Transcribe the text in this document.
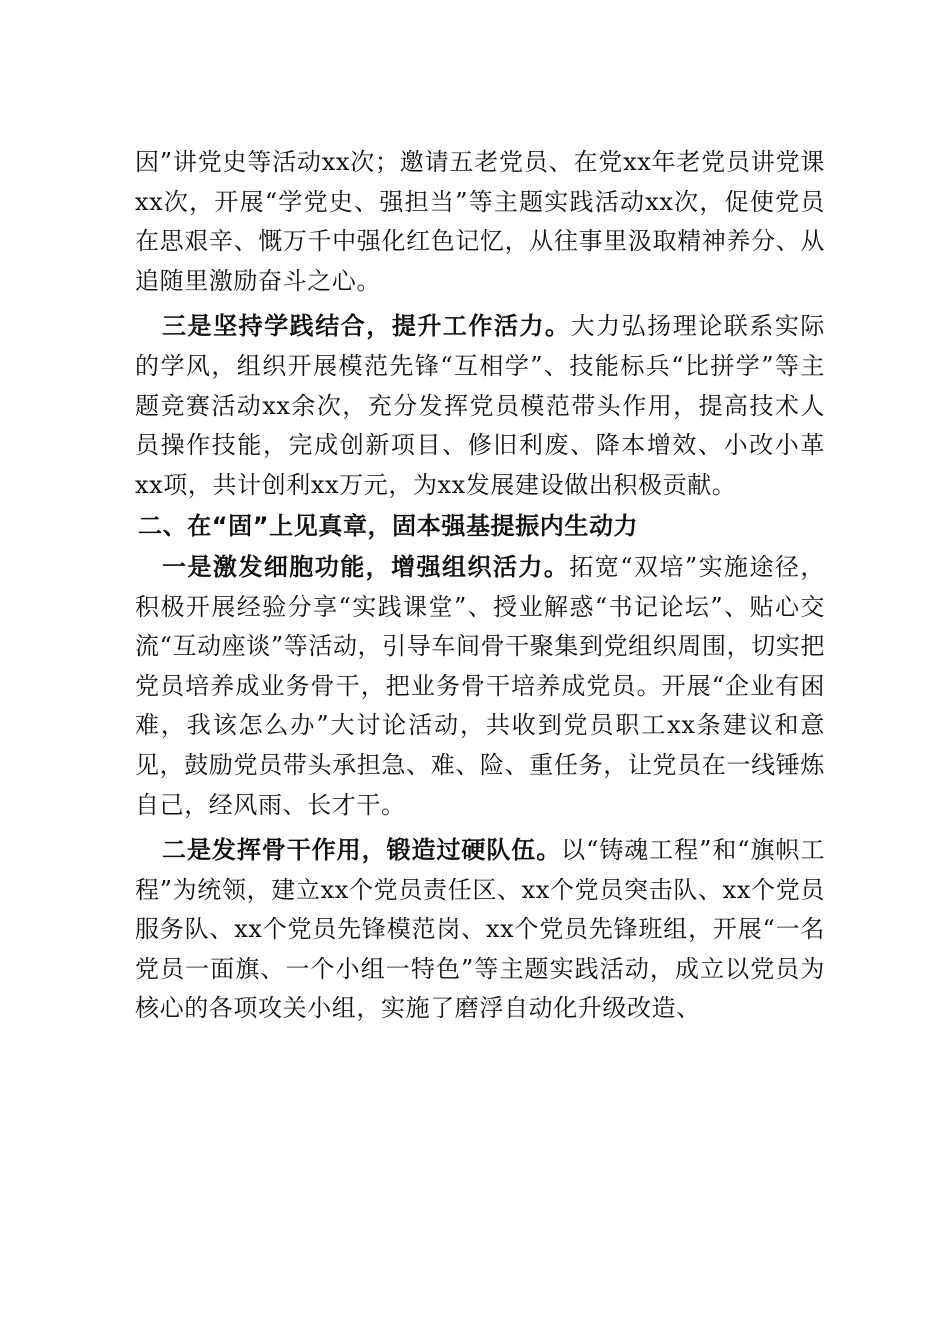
因”讲党史等活动xx次；邀请五老党员、在党xx年老党员讲党课xx次，开展“学党史、强担当”等主题实践活动xx次，促使党员在思艰辛、慨万千中强化红色记忆，从往事里汲取精神养分、从追随里激励奋斗之心。

三是坚持学践结合，提升工作活力。大力弘扬理论联系实际的学风，组织开展模范先锋“互相学”、技能标兵“比拼学”等主题竞赛活动xx余次，充分发挥党员模范带头作用，提高技术人员操作技能，完成创新项目、修旧利废、降本增效、小改小革xx项，共计创利xx万元，为xx发展建设做出积极贡献。

二、在“固”上见真章，固本强基提振内生动力

一是激发细胞功能，增强组织活力。拓宽“双培”实施途径，积极开展经验分享“实践课堂”、授业解惑“书记论坛”、贴心交流“互动座谈”等活动，引导车间骨干聚集到党组织周围，切实把党员培养成业务骨干，把业务骨干培养成党员。开展“企业有困难，我该怎么办”大讨论活动，共收到党员职工xx条建议和意见，鼓励党员带头承担急、难、险、重任务，让党员在一线锤炼自己，经风雨、长才干。

二是发挥骨干作用，锻造过硬队伍。以“铸魂工程”和“旗帜工程”为统领，建立xx个党员责任区、xx个党员突击队、xx个党员服务队、xx个党员先锋模范岗、xx个党员先锋班组，开展“一名党员一面旗、一个小组一特色”等主题实践活动，成立以党员为核心的各项攻关小组，实施了磨浮自动化升级改造、
